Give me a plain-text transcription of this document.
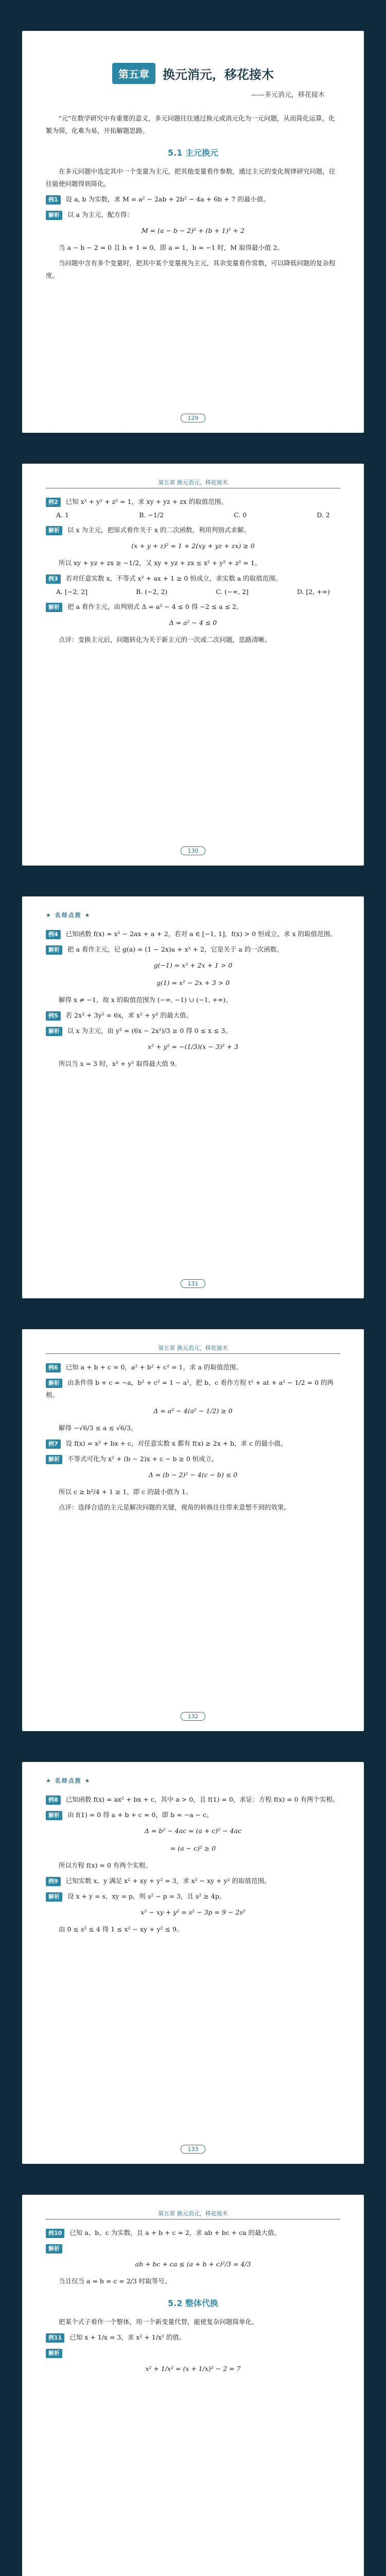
第五章	换元消元，移花接木
——多元消元，移花接木

"元"在数学研究中有重要的意义，多元问题往往通过换元或消元化为一元问题，从而简化运算，化繁为简，化难为易，开拓解题思路。

5.1 主元换元

在多元问题中选定其中一个变量为主元，把其他变量看作参数，通过主元的变化规律研究问题，往往能使问题得到简化。

例1 设 a, b 为实数，求 M = a² − 2ab + 2b² − 4a + 6b + 7 的最小值。

解析 以 a 为主元，配方得：

M = (a − b − 2)² + (b + 1)² + 2

当 a − b − 2 = 0 且 b + 1 = 0，即 a = 1，b = −1 时，M 取得最小值 2。

当问题中含有多个变量时，把其中某个变量视为主元，其余变量看作常数，可以降低问题的复杂程度。

129
第五章 换元消元，移花接木

例2 已知 x² + y² + z² = 1，求 xy + yz + zx 的取值范围。

A. 1	B. −1/2	C. 0	D. 2

解析 以 x 为主元，把原式看作关于 x 的二次函数，利用判别式求解。

(x + y + z)² = 1 + 2(xy + yz + zx) ≥ 0

所以 xy + yz + zx ≥ −1/2，又 xy + yz + zx ≤ x² + y² + z² = 1。

例3 若对任意实数 x，不等式 x² + ax + 1 ≥ 0 恒成立，求实数 a 的取值范围。

A. [−2, 2]	B. (−2, 2)	C. (−∞, 2]	D. [2, +∞)

解析 把 a 看作主元，由判别式 Δ = a² − 4 ≤ 0 得 −2 ≤ a ≤ 2。

Δ = a² − 4 ≤ 0

点评：变换主元后，问题转化为关于新主元的一次或二次问题，思路清晰。

130
★ 名师点拨 ★

例4 已知函数 f(x) = x² − 2ax + a + 2，若对 a ∈ [−1, 1]，f(x) > 0 恒成立，求 x 的取值范围。

解析 把 a 看作主元，记 g(a) = (1 − 2x)a + x² + 2，它是关于 a 的一次函数。

g(−1) = x² + 2x + 1 > 0
g(1) = x² − 2x + 3 > 0

解得 x ≠ −1，故 x 的取值范围为 (−∞, −1) ∪ (−1, +∞)。

例5 若 2x² + 3y² = 6x，求 x² + y² 的最大值。

解析 以 x 为主元，由 y² = (6x − 2x²)/3 ≥ 0 得 0 ≤ x ≤ 3。

x² + y² = −(1/3)(x − 3)² + 3

所以当 x = 3 时，x² + y² 取得最大值 9。

131
第五章 换元消元，移花接木

例6 已知 a + b + c = 0，a² + b² + c² = 1，求 a 的取值范围。

解析 由条件得 b + c = −a，b² + c² = 1 − a²，把 b、c 看作方程 t² + at + a² − 1/2 = 0 的两根。

Δ = a² − 4(a² − 1/2) ≥ 0

解得 −√6/3 ≤ a ≤ √6/3。

例7 设 f(x) = x² + bx + c，对任意实数 x 都有 f(x) ≥ 2x + b，求 c 的最小值。

解析 不等式可化为 x² + (b − 2)x + c − b ≥ 0 恒成立。

Δ = (b − 2)² − 4(c − b) ≤ 0

所以 c ≥ b²/4 + 1 ≥ 1，即 c 的最小值为 1。

点评：选择合适的主元是解决问题的关键，视角的转换往往带来意想不到的效果。

132
★ 名师点拨 ★

例8 已知函数 f(x) = ax² + bx + c，其中 a > 0，且 f(1) = 0，求证：方程 f(x) = 0 有两个实根。

解析 由 f(1) = 0 得 a + b + c = 0，即 b = −a − c。

Δ = b² − 4ac = (a + c)² − 4ac
= (a − c)² ≥ 0

所以方程 f(x) = 0 有两个实根。

例9 已知实数 x、y 满足 x² + xy + y² = 3，求 x² − xy + y² 的取值范围。

解析 设 x + y = s，xy = p，则 s² − p = 3，且 s² ≥ 4p。

x² − xy + y² = s² − 3p = 9 − 2s²

由 0 ≤ s² ≤ 4 得 1 ≤ x² − xy + y² ≤ 9。

133
第五章 换元消元，移花接木

例10 已知 a、b、c 为实数，且 a + b + c = 2，求 ab + bc + ca 的最大值。

解析

ab + bc + ca ≤ (a + b + c)²/3 = 4/3

当且仅当 a = b = c = 2/3 时取等号。

5.2 整体代换

把某个式子看作一个整体，用一个新变量代替，能使复杂问题简单化。

例11 已知 x + 1/x = 3，求 x² + 1/x² 的值。

解析

x² + 1/x² = (x + 1/x)² − 2 = 7
